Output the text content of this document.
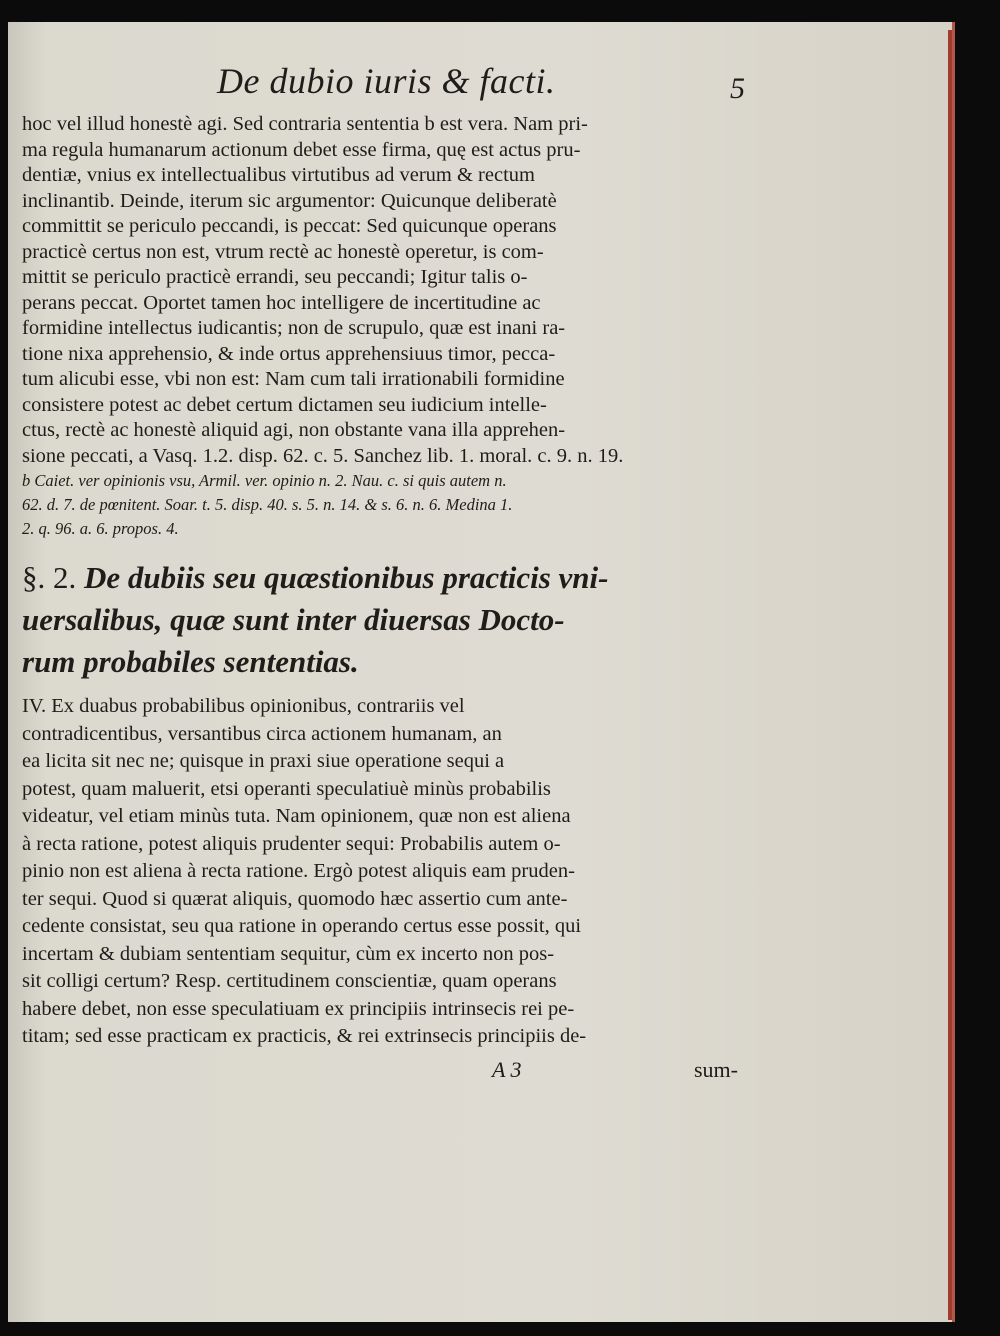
De dubio iuris & facti.	5
hoc vel illud honestè agi. Sed contraria sententia b est vera. Nam pri-
ma regula humanarum actionum debet esse firma, quę est actus pru-
dentiæ, vnius ex intellectualibus virtutibus ad verum & rectum
inclinantib. Deinde, iterum sic argumentor: Quicunque deliberatè
committit se periculo peccandi, is peccat: Sed quicunque operans
practicè certus non est, vtrum rectè ac honestè operetur, is com-
mittit se periculo practicè errandi, seu peccandi; Igitur talis o-
perans peccat. Oportet tamen hoc intelligere de incertitudine ac
formidine intellectus iudicantis; non de scrupulo, quæ est inani ra-
tione nixa apprehensio, & inde ortus apprehensiuus timor, pecca-
tum alicubi esse, vbi non est: Nam cum tali irrationabili formidine
consistere potest ac debet certum dictamen seu iudicium intelle-
ctus, rectè ac honestè aliquid agi, non obstante vana illa apprehen-
sione peccati, a Vasq. 1.2. disp. 62. c. 5. Sanchez lib. 1. moral. c. 9. n. 19.
b Caiet. ver opinionis vsu, Armil. ver. opinio n. 2. Nau. c. si quis autem n.
62. d. 7. de pœnitent. Soar. t. 5. disp. 40. s. 5. n. 14. & s. 6. n. 6. Medina 1.
2. q. 96. a. 6. propos. 4.
§. 2. De dubiis seu quæstionibus practicis vni-
uersalibus, quæ sunt inter diuersas Docto-
rum probabiles sententias.
IV. Ex duabus probabilibus opinionibus, contrariis vel
contradicentibus, versantibus circa actionem humanam, an
ea licita sit nec ne; quisque in praxi siue operatione sequi a
potest, quam maluerit, etsi operanti speculatiuè minùs probabilis
videatur, vel etiam minùs tuta. Nam opinionem, quæ non est aliena
à recta ratione, potest aliquis prudenter sequi: Probabilis autem o-
pinio non est aliena à recta ratione. Ergò potest aliquis eam pruden-
ter sequi. Quod si quærat aliquis, quomodo hæc assertio cum ante-
cedente consistat, seu qua ratione in operando certus esse possit, qui
incertam & dubiam sententiam sequitur, cùm ex incerto non pos-
sit colligi certum? Resp. certitudinem conscientiæ, quam operans
habere debet, non esse speculatiuam ex principiis intrinsecis rei pe-
titam; sed esse practicam ex practicis, & rei extrinsecis principiis de-
A 3	sum-
